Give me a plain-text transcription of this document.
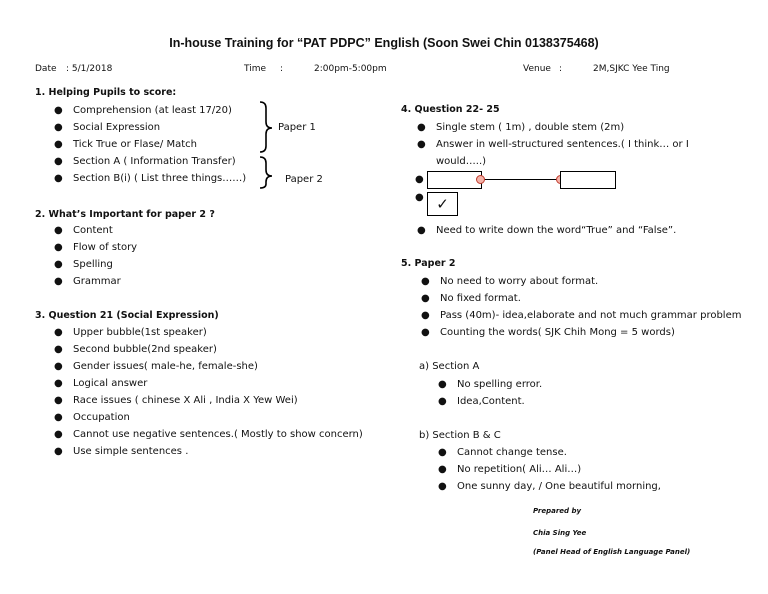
In-house Training for “PAT PDPC” English (Soon Swei Chin 0138375468)
Date : 5/1/2018	Time :	2:00pm-5:00pm	Venue :	2M,SJKC Yee Ting
1. Helping Pupils to score:
● Comprehension (at least 17/20)
● Social Expression
● Tick True or Flase/ Match
● Section A ( Information Transfer)
● Section B(i) ( List three things……)
Paper 1
Paper 2
2. What’s Important for paper 2 ?
● Content
● Flow of story
● Spelling
● Grammar
3. Question 21 (Social Expression)
● Upper bubble(1st speaker)
● Second bubble(2nd speaker)
● Gender issues( male-he, female-she)
● Logical answer
● Race issues ( chinese X Ali , India X Yew Wei)
● Occupation
● Cannot use negative sentences.( Mostly to show concern)
● Use simple sentences .
4. Question 22- 25
● Single stem ( 1m) , double stem (2m)
● Answer in well-structured sentences.( I think… or I
would…..)
●
● ✓
● Need to write down the word“True” and “False”.
5. Paper 2
● No need to worry about format.
● No fixed format.
● Pass (40m)- idea,elaborate and not much grammar problem
● Counting the words( SJK Chih Mong = 5 words)
a) Section A
● No spelling error.
● Idea,Content.
b) Section B & C
● Cannot change tense.
● No repetition( Ali… Ali…)
● One sunny day, / One beautiful morning,
Prepared by
Chia Sing Yee
(Panel Head of English Language Panel)
